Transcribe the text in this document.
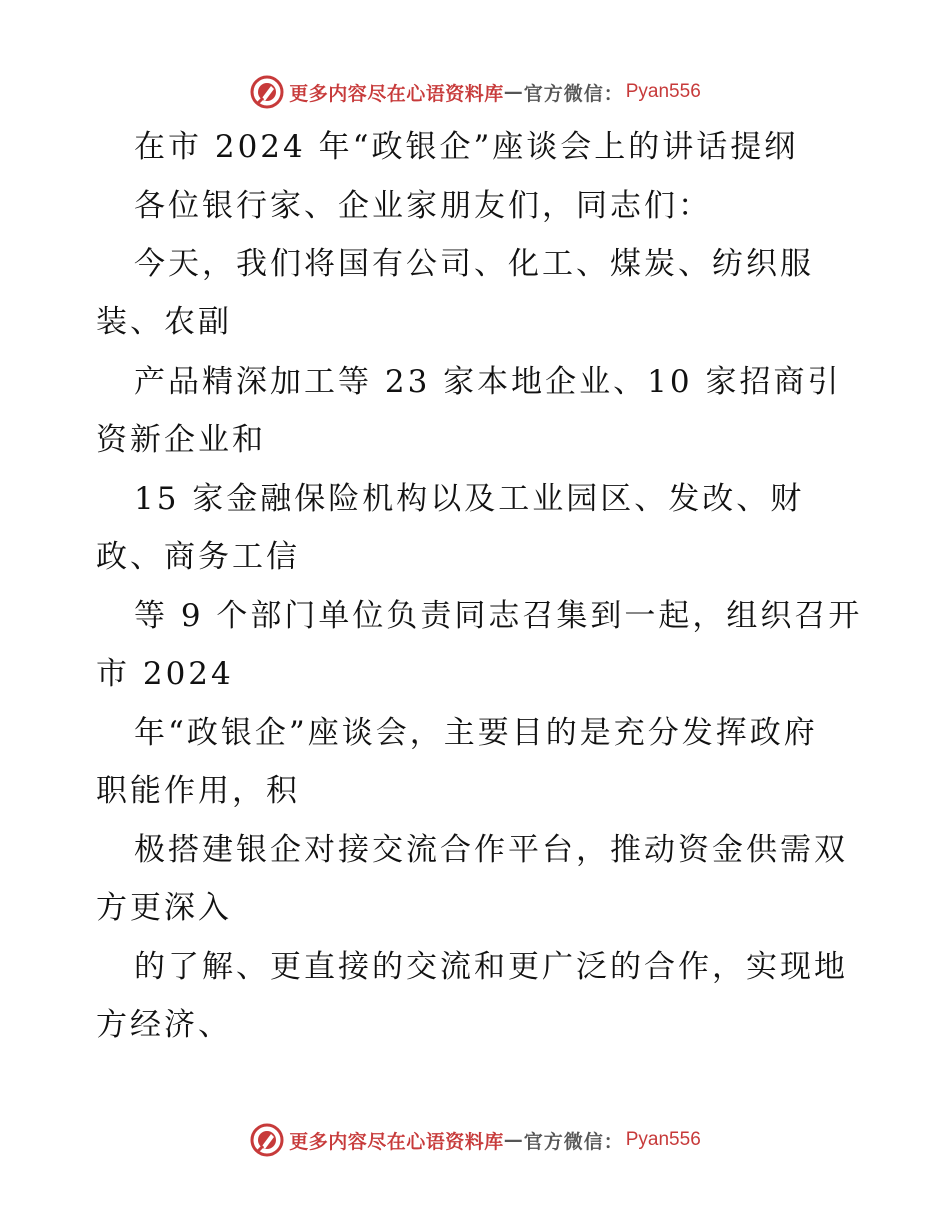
更多内容尽在心语资料库 — 官方微信： Pyan556
在市 2024 年“政银企”座谈会上的讲话提纲
各位银行家、企业家朋友们，同志们：
今天，我们将国有公司、化工、煤炭、纺织服
装、农副
产品精深加工等 23 家本地企业、10 家招商引
资新企业和
15 家金融保险机构以及工业园区、发改、财
政、商务工信
等 9 个部门单位负责同志召集到一起，组织召开
市 2024
年“政银企”座谈会，主要目的是充分发挥政府
职能作用，积
极搭建银企对接交流合作平台，推动资金供需双
方更深入
的了解、更直接的交流和更广泛的合作，实现地
方经济、
更多内容尽在心语资料库 — 官方微信： Pyan556
